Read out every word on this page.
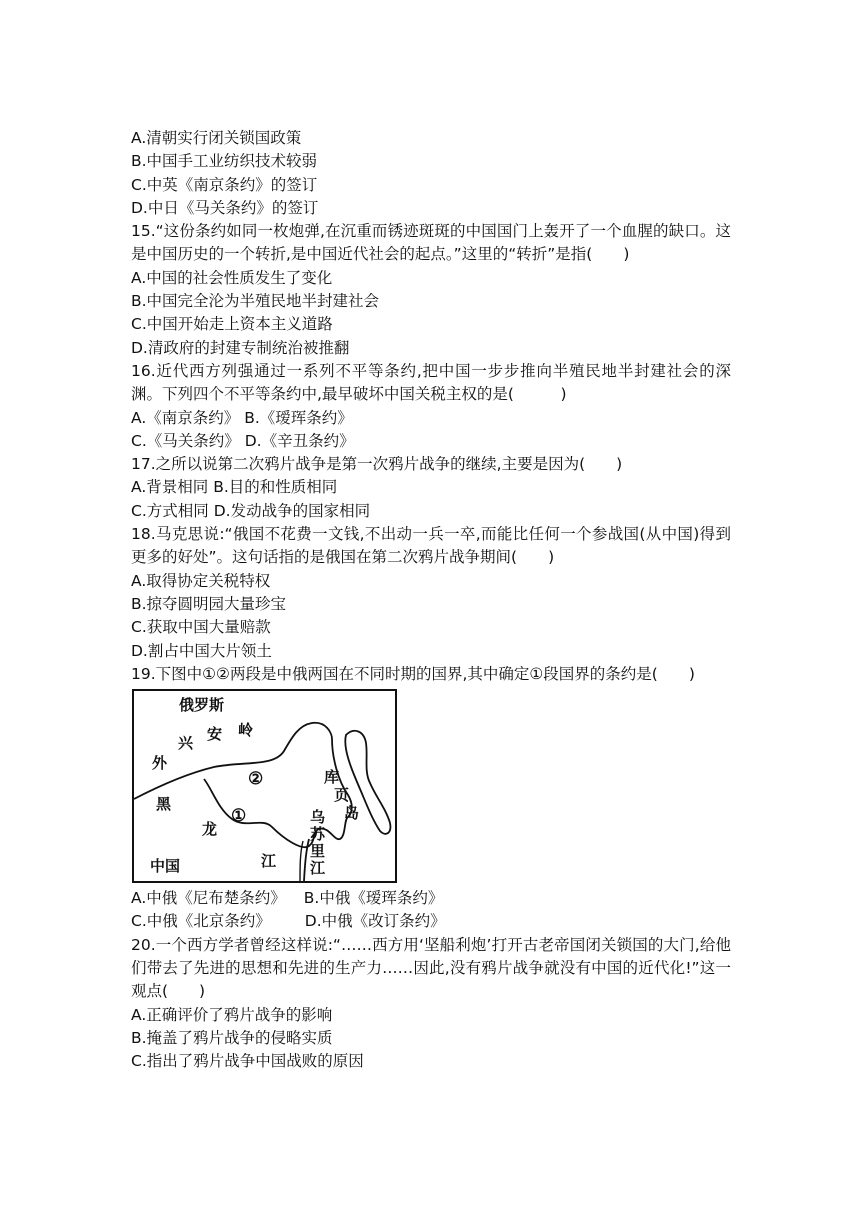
A.清朝实行闭关锁国政策
B.中国手工业纺织技术较弱
C.中英《南京条约》的签订
D.中日《马关条约》的签订
15.“这份条约如同一枚炮弹,在沉重而锈迹斑斑的中国国门上轰开了一个血腥的缺口。这是中国历史的一个转折,是中国近代社会的起点。”这里的“转折”是指(　　)
A.中国的社会性质发生了变化
B.中国完全沦为半殖民地半封建社会
C.中国开始走上资本主义道路
D.清政府的封建专制统治被推翻
16.近代西方列强通过一系列不平等条约,把中国一步步推向半殖民地半封建社会的深渊。下列四个不平等条约中,最早破坏中国关税主权的是(　　　)
A.《南京条约》 B.《瑷珲条约》
C.《马关条约》 D.《辛丑条约》
17.之所以说第二次鸦片战争是第一次鸦片战争的继续,主要是因为(　　)
A.背景相同 B.目的和性质相同
C.方式相同 D.发动战争的国家相同
18.马克思说:“俄国不花费一文钱,不出动一兵一卒,而能比任何一个参战国(从中国)得到更多的好处”。这句话指的是俄国在第二次鸦片战争期间(　　)
A.取得协定关税特权
B.掠夺圆明园大量珍宝
C.获取中国大量赔款
D.割占中国大片领土
19.下图中①②两段是中俄两国在不同时期的国界,其中确定①段国界的条约是(　　)
俄罗斯
外
兴 安 岭
②
黑
龙
江
①	乌
苏
里
江
库
页
岛
中国
A.中俄《尼布楚条约》 B.中俄《瑷珲条约》
C.中俄《北京条约》 D.中俄《改订条约》
20.一个西方学者曾经这样说:“……西方用‘坚船利炮’打开古老帝国闭关锁国的大门,给他们带去了先进的思想和先进的生产力……因此,没有鸦片战争就没有中国的近代化!”这一观点(　　)
A.正确评价了鸦片战争的影响
B.掩盖了鸦片战争的侵略实质
C.指出了鸦片战争中国战败的原因
